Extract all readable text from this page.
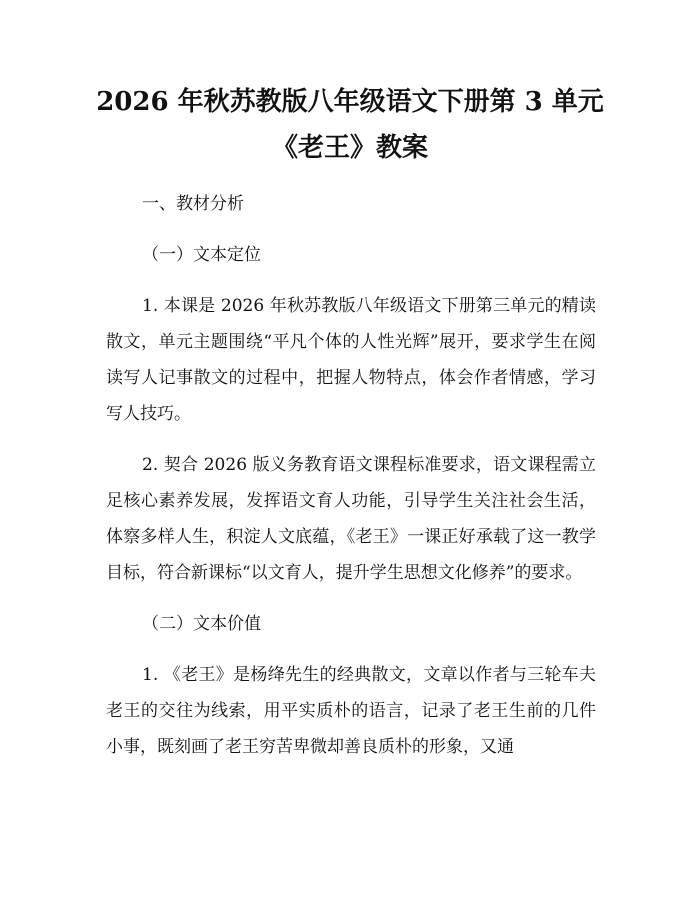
2026 年秋苏教版八年级语文下册第 3 单元
《老王》教案

一、教材分析

（一）文本定位

1. 本课是 2026 年秋苏教版八年级语文下册第三单元的精读散文，单元主题围绕“平凡个体的人性光辉”展开，要求学生在阅读写人记事散文的过程中，把握人物特点，体会作者情感，学习写人技巧。

2. 契合 2026 版义务教育语文课程标准要求，语文课程需立足核心素养发展，发挥语文育人功能，引导学生关注社会生活，体察多样人生，积淀人文底蕴，《老王》一课正好承载了这一教学目标，符合新课标“以文育人，提升学生思想文化修养”的要求。

（二）文本价值

1. 《老王》是杨绛先生的经典散文，文章以作者与三轮车夫老王的交往为线索，用平实质朴的语言，记录了老王生前的几件小事，既刻画了老王穷苦卑微却善良质朴的形象，又通
